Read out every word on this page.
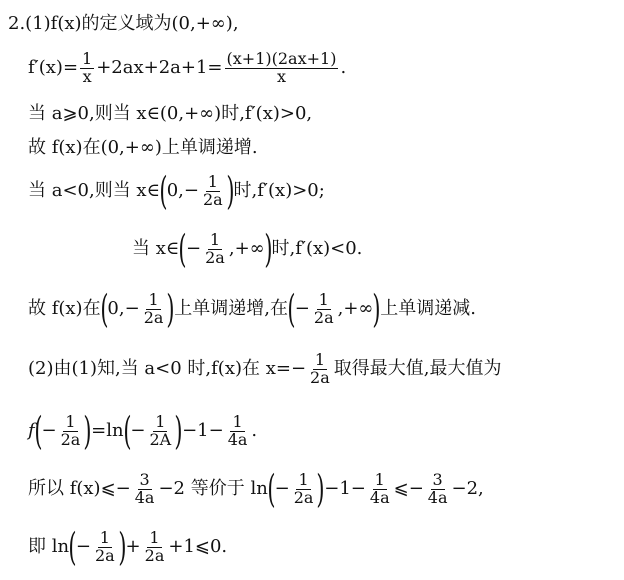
2.(1)f(x)的定义域为(0,+∞),
$f'(x)= \frac{1}{x} +2ax+2a+1= \frac{(x+1)(2ax+1)}{x}$ .
当 a⩾0,则当 x∈(0,+∞)时,f′(x)>0,
故 f(x)在(0,+∞)上单调递增.
当 a<0,则当 x∈ ( $0,- \frac{1}{2a}$ ) 时,f′(x)>0;
当 x∈ ( − $\frac{1}{2a}$ ,+∞ ) 时,f′(x)<0.
故 f(x)在 ( $0,- \frac{1}{2a}$ ) 上单调递增,在 ( − $\frac{1}{2a}$ ,+∞ ) 上单调递减.
(2)由(1)知,当 a<0 时,f(x)在 $x=- \frac{1}{2a}$ 取得最大值,最大值为
f ( − $\frac{1}{2a}$ ) =ln ( − $\frac{1}{2A}$ ) $-1- \frac{1}{4a}$ .
所以 f(x)⩽− $\frac{3}{4a} -2$ 等价于 ln ( − $\frac{1}{2a}$ ) $-1- \frac{1}{4a}$ ⩽− $\frac{3}{4a} -2$,
即 ln ( − $\frac{1}{2a}$ ) + $\frac{1}{2a}$ +1⩽0.
